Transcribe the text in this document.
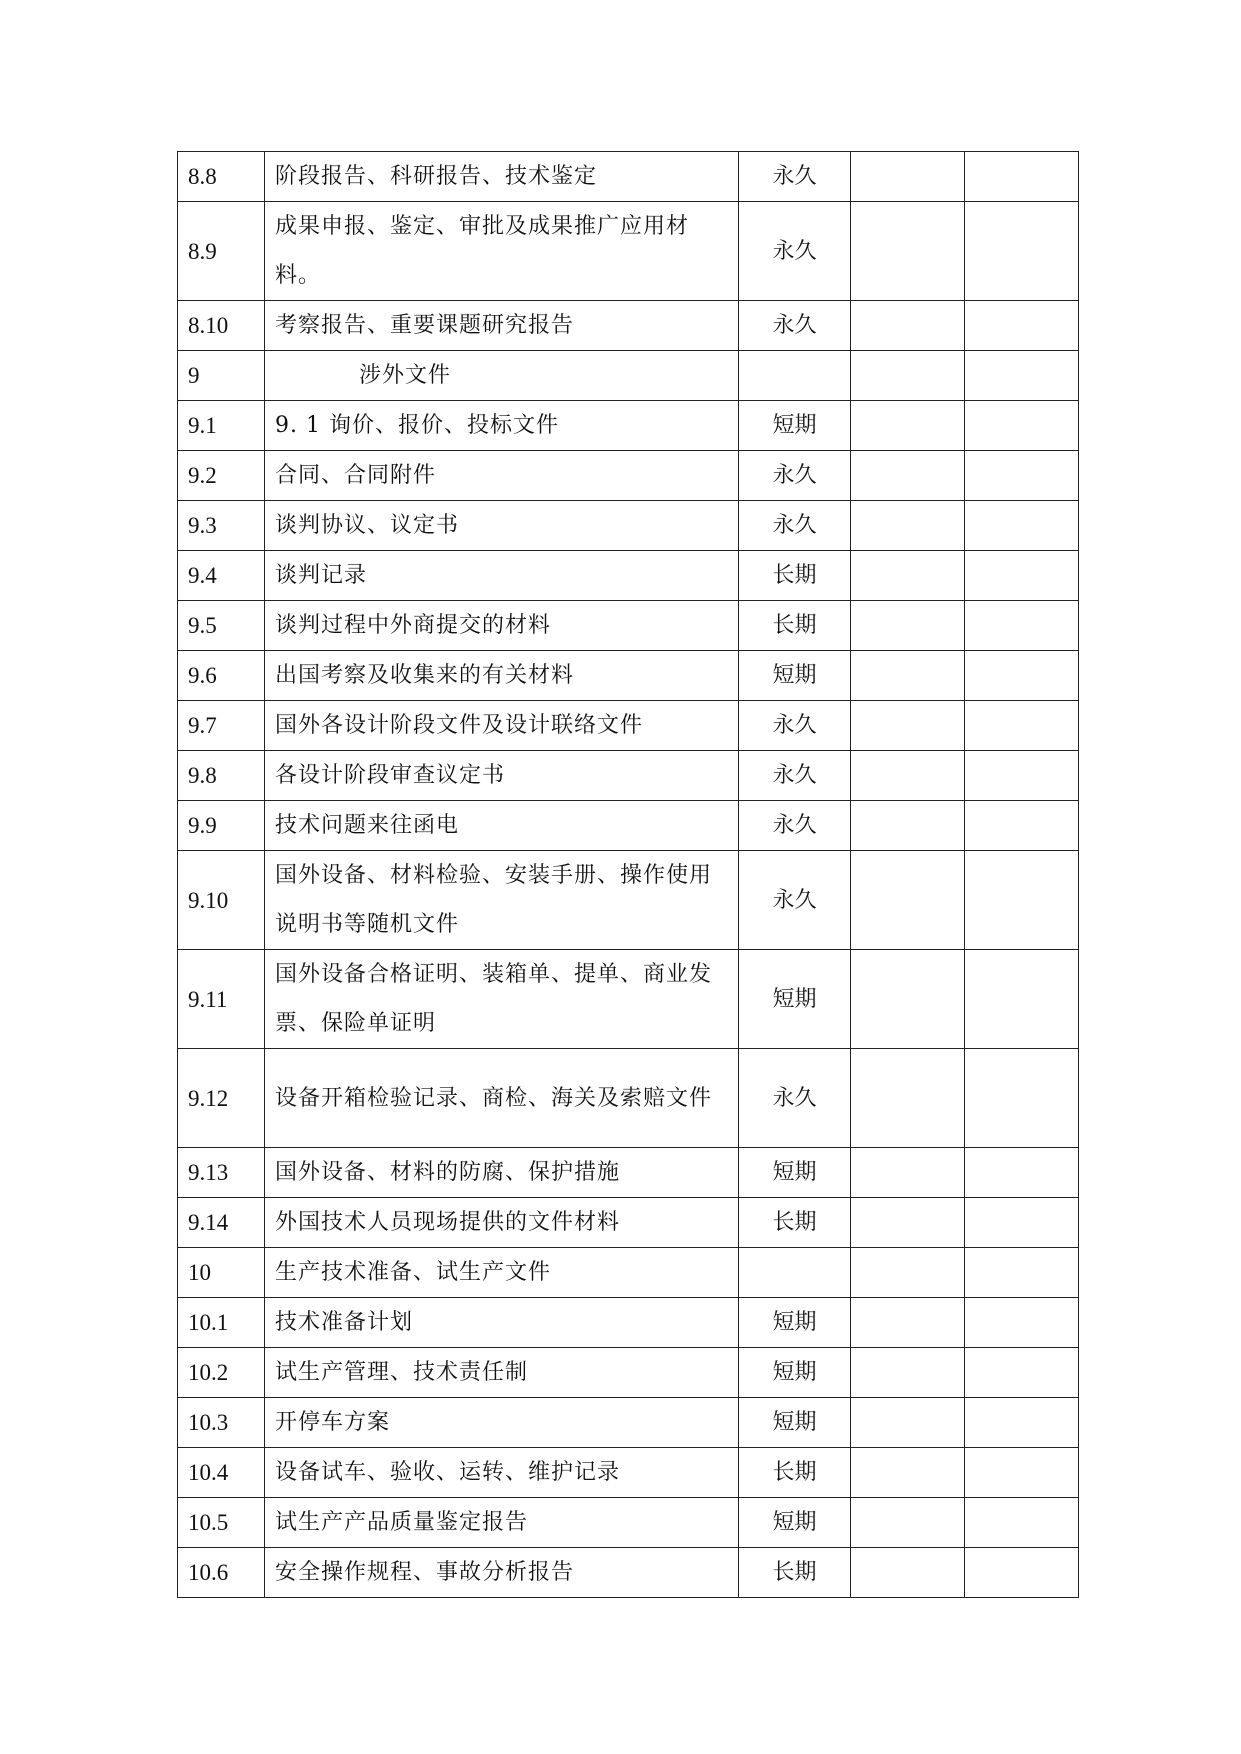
8.8	阶段报告、科研报告、技术鉴定	永久		
8.9	成果申报、鉴定、审批及成果推广应用材料。	永久		
8.10	考察报告、重要课题研究报告	永久		
9	涉外文件			
9.1	9. 1 询价、报价、投标文件	短期		
9.2	合同、合同附件	永久		
9.3	谈判协议、议定书	永久		
9.4	谈判记录	长期		
9.5	谈判过程中外商提交的材料	长期		
9.6	出国考察及收集来的有关材料	短期		
9.7	国外各设计阶段文件及设计联络文件	永久		
9.8	各设计阶段审查议定书	永久		
9.9	技术问题来往函电	永久		
9.10	国外设备、材料检验、安装手册、操作使用说明书等随机文件	永久		
9.11	国外设备合格证明、装箱单、提单、商业发票、保险单证明	短期		
9.12	设备开箱检验记录、商检、海关及索赔文件	永久		
9.13	国外设备、材料的防腐、保护措施	短期		
9.14	外国技术人员现场提供的文件材料	长期		
10	生产技术准备、试生产文件			
10.1	技术准备计划	短期		
10.2	试生产管理、技术责任制	短期		
10.3	开停车方案	短期		
10.4	设备试车、验收、运转、维护记录	长期		
10.5	试生产产品质量鉴定报告	短期		
10.6	安全操作规程、事故分析报告	长期		
